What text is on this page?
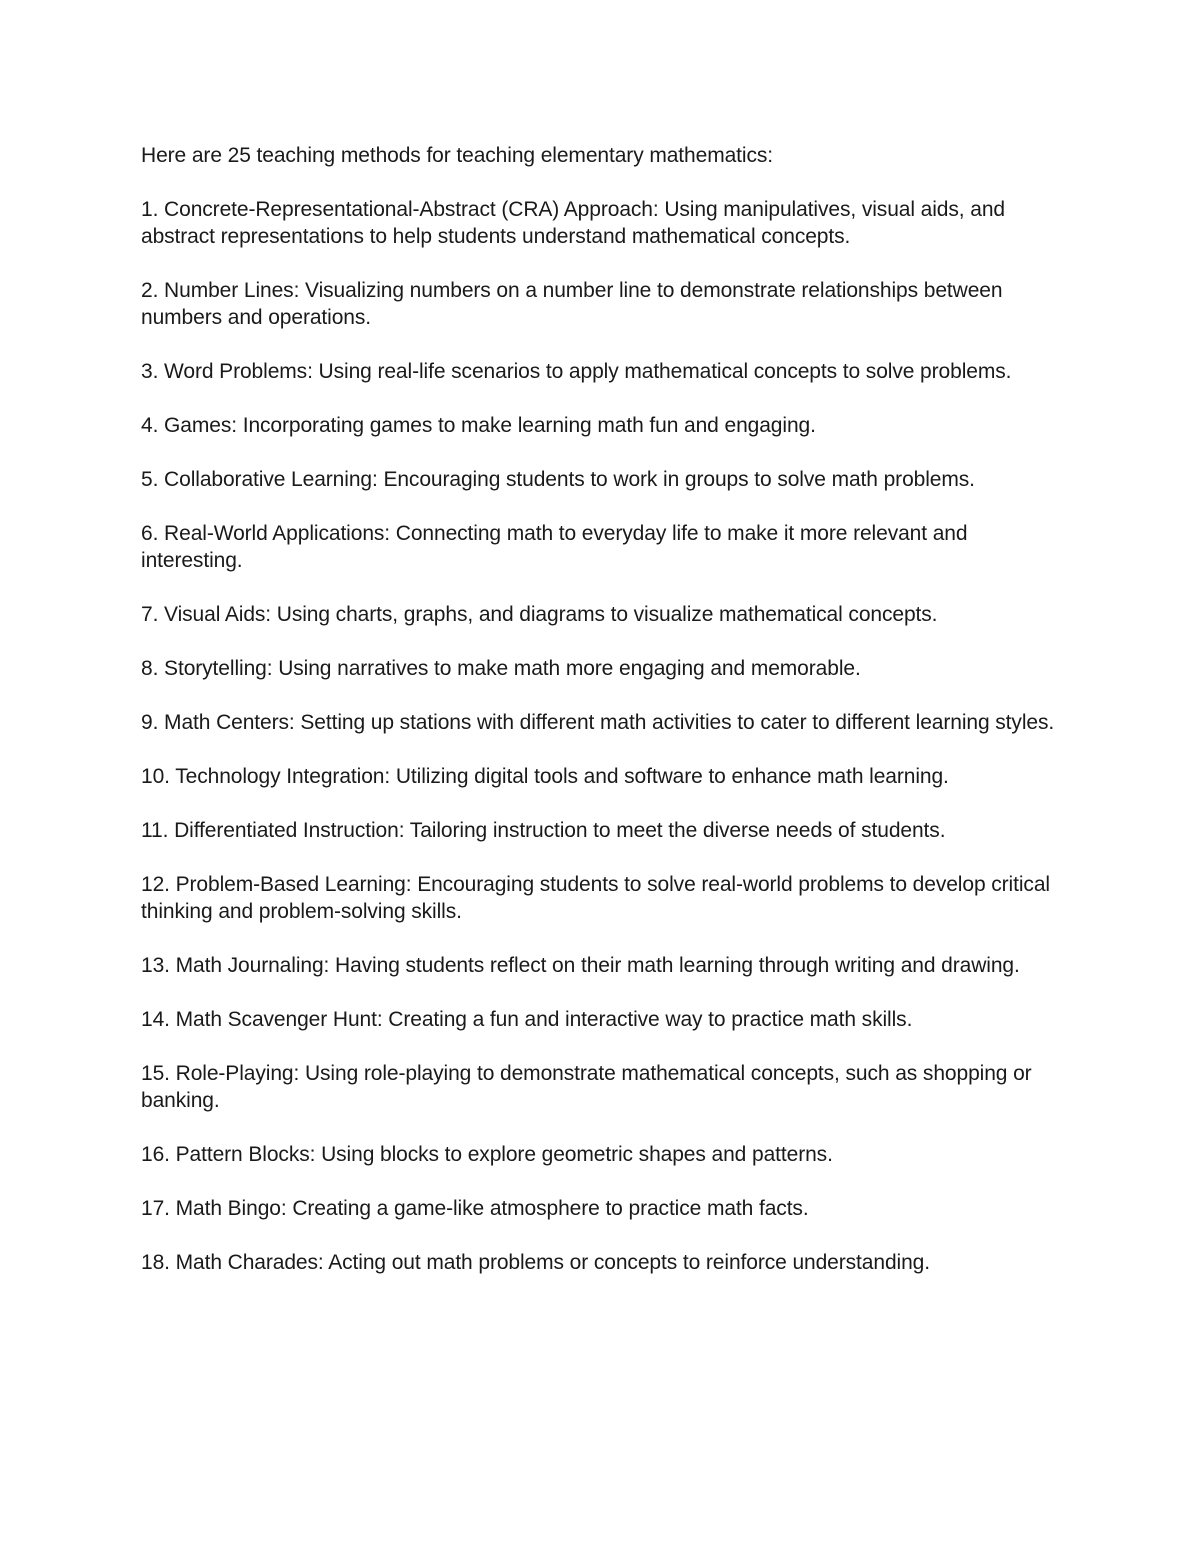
Here are 25 teaching methods for teaching elementary mathematics:

1. Concrete-Representational-Abstract (CRA) Approach: Using manipulatives, visual aids, and abstract representations to help students understand mathematical concepts.

2. Number Lines: Visualizing numbers on a number line to demonstrate relationships between numbers and operations.

3. Word Problems: Using real-life scenarios to apply mathematical concepts to solve problems.

4. Games: Incorporating games to make learning math fun and engaging.

5. Collaborative Learning: Encouraging students to work in groups to solve math problems.

6. Real-World Applications: Connecting math to everyday life to make it more relevant and interesting.

7. Visual Aids: Using charts, graphs, and diagrams to visualize mathematical concepts.

8. Storytelling: Using narratives to make math more engaging and memorable.

9. Math Centers: Setting up stations with different math activities to cater to different learning styles.

10. Technology Integration: Utilizing digital tools and software to enhance math learning.

11. Differentiated Instruction: Tailoring instruction to meet the diverse needs of students.

12. Problem-Based Learning: Encouraging students to solve real-world problems to develop critical thinking and problem-solving skills.

13. Math Journaling: Having students reflect on their math learning through writing and drawing.

14. Math Scavenger Hunt: Creating a fun and interactive way to practice math skills.

15. Role-Playing: Using role-playing to demonstrate mathematical concepts, such as shopping or banking.

16. Pattern Blocks: Using blocks to explore geometric shapes and patterns.

17. Math Bingo: Creating a game-like atmosphere to practice math facts.

18. Math Charades: Acting out math problems or concepts to reinforce understanding.
